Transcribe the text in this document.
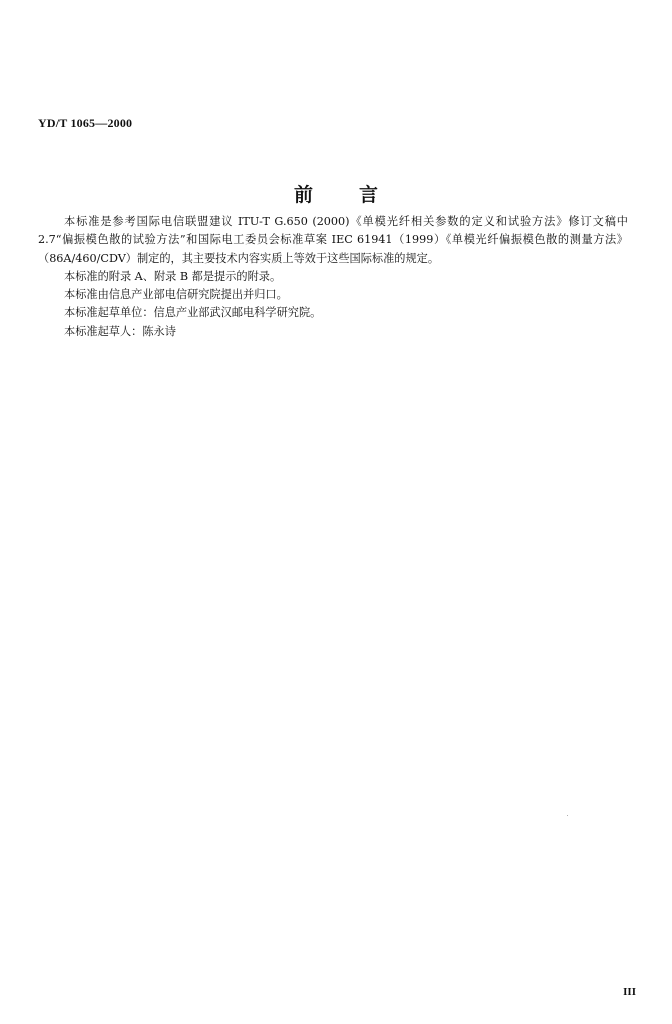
YD/T 1065—2000
前言

本标准是参考国际电信联盟建议 ITU-T G.650 (2000)《单模光纤相关参数的定义和试验方法》修订文稿中 2.7“偏振模色散的试验方法”和国际电工委员会标准草案 IEC 61941（1999）《单模光纤偏振模色散的测量方法》（86A/460/CDV）制定的，其主要技术内容实质上等效于这些国际标准的规定。

本标准的附录 A、附录 B 都是提示的附录。

本标准由信息产业部电信研究院提出并归口。

本标准起草单位：信息产业部武汉邮电科学研究院。

本标准起草人：陈永诗

III
